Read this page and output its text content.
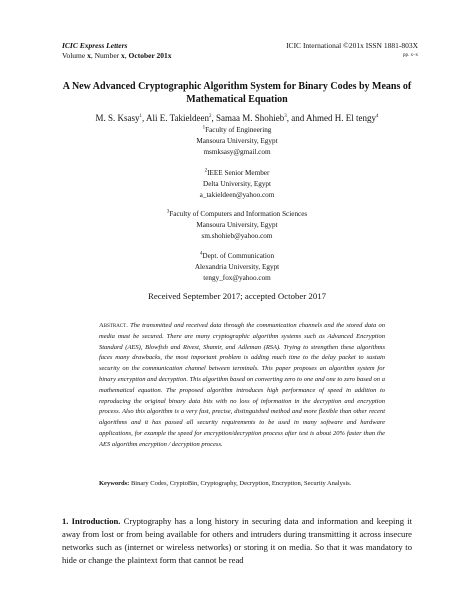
ICIC Express Letters
Volume x, Number x, October 201x
ICIC International ©201x ISSN 1881-803X
pp. x–x
A New Advanced Cryptographic Algorithm System for Binary Codes by Means of Mathematical Equation
M. S. Ksasy$^1$, Ali E. Takieldeen$^2$, Samaa M. Shohieb$^3$, and Ahmed H. El tengy$^4$
$^1$Faculty of Engineering
Mansoura University, Egypt
msmksasy@gmail.com
$^2$IEEE Senior Member
Delta University, Egypt
a_takieldeen@yahoo.com
$^3$Faculty of Computers and Information Sciences
Mansoura University, Egypt
sm.shohieb@yahoo.com
$^4$Dept. of Communication
Alexandria University, Egypt
tengy_fox@yahoo.com
Received September 2017; accepted October 2017
Abstract. The transmitted and received data through the communication channels and the stored data on media must be secured. There are many cryptographic algorithm systems such as Advanced Encryption Standard (AES), Blowfish and Rivest, Shamir, and Adleman (RSA). Trying to strengthen these algorithms faces many drawbacks, the most important problem is adding much time to the delay packet to sustain security on the communication channel between terminals. This paper proposes an algorithm system for binary encryption and decryption. This algorithm based on converting zero to one and one to zero based on a mathematical equation. The proposed algorithm introduces high performance of speed in addition to reproducing the original binary data bits with no loss of information in the decryption and encryption process. Also this algorithm is a very fast, precise, distinguished method and more flexible than other recent algorithms and it has passed all security requirements to be used in many software and hardware applications, for example the speed for encryption/decryption process after test is about 20% faster than the AES algorithm encryption / decryption process.
Keywords: Binary Codes, CryptoBin, Cryptography, Decryption, Encryption, Security Analysis.
1. Introduction. Cryptography has a long history in securing data and information and keeping it away from lost or from being available for others and intruders during transmitting it across insecure networks such as (internet or wireless networks) or storing it on media. So that it was mandatory to hide or change the plaintext form that cannot be read
